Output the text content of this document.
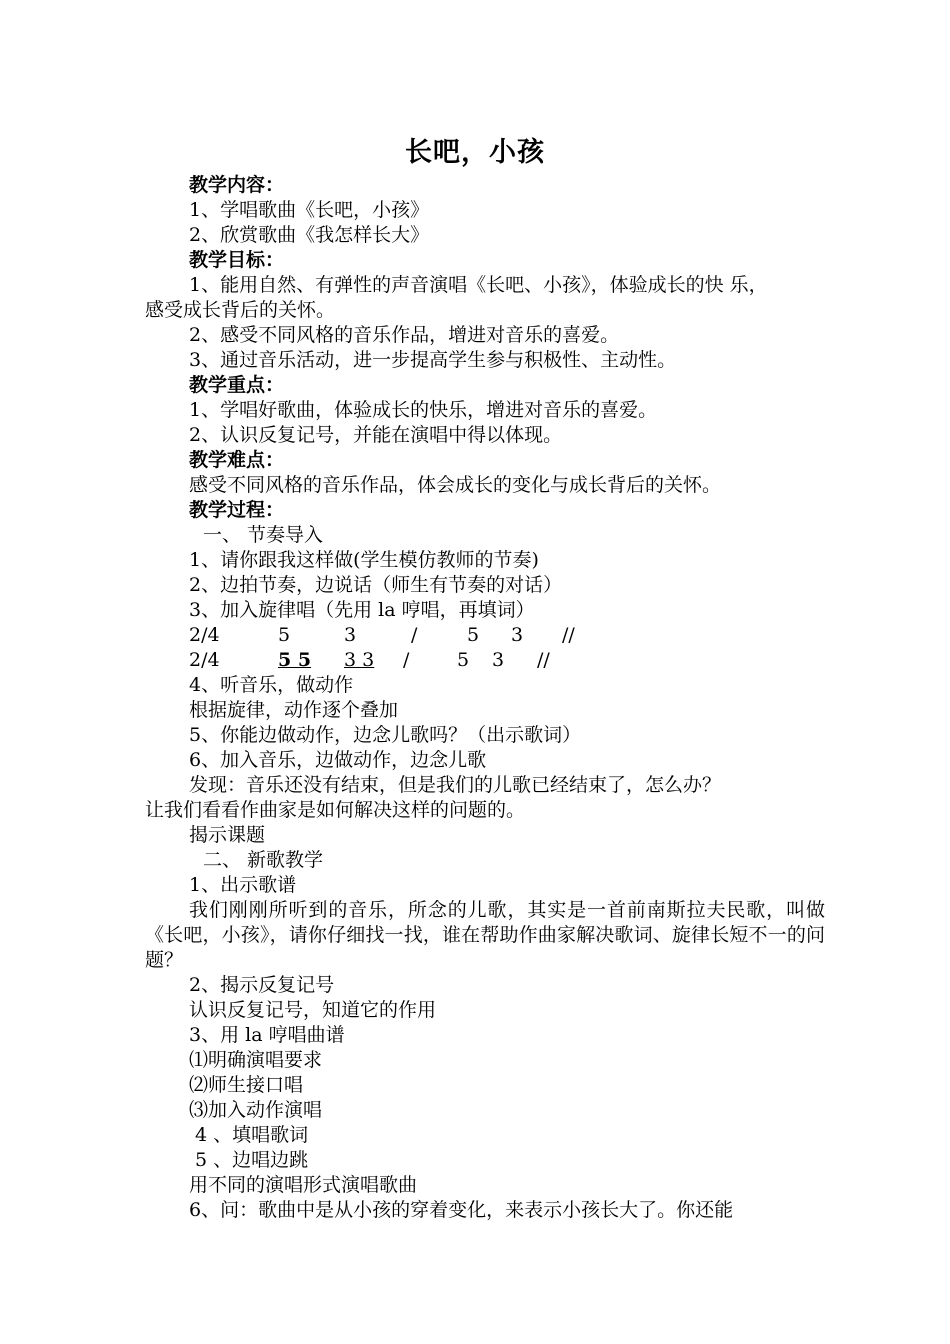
长吧，小孩
教学内容：
1、学唱歌曲《长吧，小孩》
2、欣赏歌曲《我怎样长大》
教学目标：
1、能用自然、有弹性的声音演唱《长吧、小孩》，体验成长的快 乐，
感受成长背后的关怀。
2、感受不同风格的音乐作品，增进对音乐的喜爱。
3、通过音乐活动，进一步提高学生参与积极性、主动性。
教学重点：
1、学唱好歌曲，体验成长的快乐，增进对音乐的喜爱。
2、认识反复记号，并能在演唱中得以体现。
教学难点：
感受不同风格的音乐作品，体会成长的变化与成长背后的关怀。
教学过程：
一、 节奏导入
1、请你跟我这样做(学生模仿教师的节奏)
2、边拍节奏，边说话（师生有节奏的对话）
3、加入旋律唱（先用 la 哼唱，再填词）
2/4	5	3	/	5 3 //
2/4	5 5 3 3 /	5 3 //
4、听音乐，做动作
根据旋律，动作逐个叠加
5、你能边做动作，边念儿歌吗？（出示歌词）
6、加入音乐，边做动作，边念儿歌
发现：音乐还没有结束，但是我们的儿歌已经结束了，怎么办？
让我们看看作曲家是如何解决这样的问题的。
揭示课题
二、 新歌教学
1、出示歌谱
我们刚刚所听到的音乐，所念的儿歌，其实是一首前南斯拉夫民歌，叫做《长吧，小孩》，请你仔细找一找，谁在帮助作曲家解决歌词、旋律长短不一的问题？
2、揭示反复记号
认识反复记号，知道它的作用
3、用 la 哼唱曲谱
⑴明确演唱要求
⑵师生接口唱
⑶加入动作演唱
4 、填唱歌词
5 、边唱边跳
用不同的演唱形式演唱歌曲
6、问：歌曲中是从小孩的穿着变化，来表示小孩长大了。你还能
